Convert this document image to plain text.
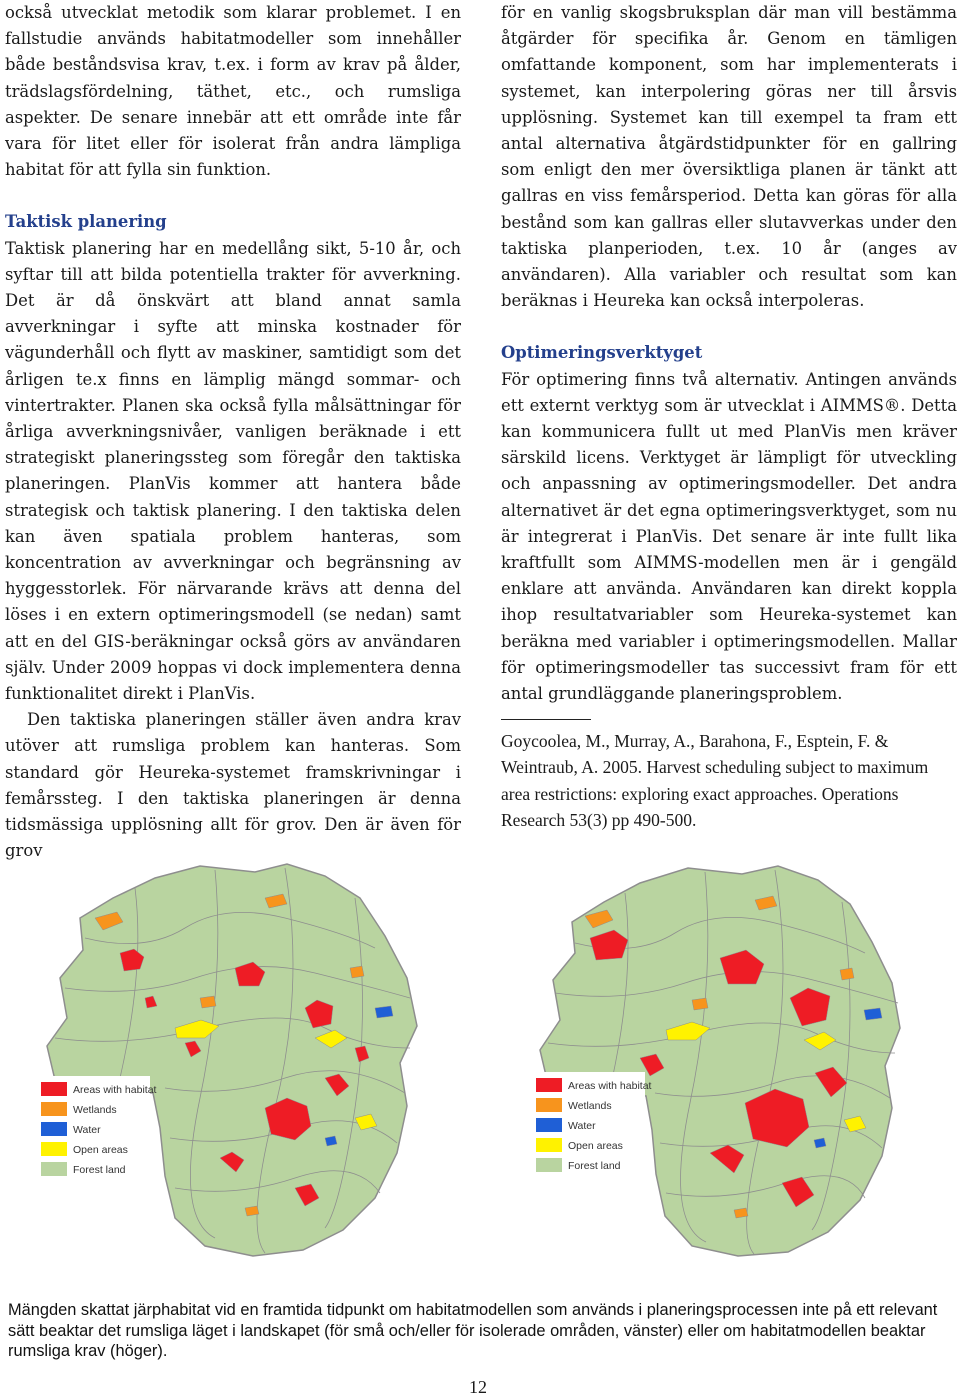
också utvecklat metodik som klarar problemet. I en fallstudie används habitatmodeller som innehåller både beståndsvisa krav, t.ex. i form av krav på ålder, trädslagsfördelning, täthet, etc., och rumsliga aspekter. De senare innebär att ett område inte får vara för litet eller för isolerat från andra lämpliga habitat för att fylla sin funktion.

Taktisk planering

Taktisk planering har en medellång sikt, 5-10 år, och syftar till att bilda potentiella trakter för avverkning. Det är då önskvärt att bland annat samla avverkningar i syfte att minska kostnader för vägunderhåll och flytt av maskiner, samtidigt som det årligen te.x finns en lämplig mängd sommar- och vintertrakter. Planen ska också fylla målsättningar för årliga avverkningsnivåer, vanligen beräknade i ett strategiskt planeringssteg som föregår den taktiska planeringen. PlanVis kommer att hantera både strategisk och taktisk planering. I den taktiska delen kan även spatiala problem hanteras, som koncentration av avverkningar och begränsning av hyggesstorlek. För närvarande krävs att denna del löses i en extern optimeringsmodell (se nedan) samt att en del GIS-beräkningar också görs av användaren själv. Under 2009 hoppas vi dock implementera denna funktionalitet direkt i PlanVis.

Den taktiska planeringen ställer även andra krav utöver att rumsliga problem kan hanteras. Som standard gör Heureka-systemet framskrivningar i femårssteg. I den taktiska planeringen är denna tidsmässiga upplösning allt för grov. Den är även för grov

för en vanlig skogsbruksplan där man vill bestämma åtgärder för specifika år. Genom en tämligen omfattande komponent, som har implementerats i systemet, kan interpolering göras ner till årsvis upplösning. Systemet kan till exempel ta fram ett antal alternativa åtgärdstidpunkter för en gallring som enligt den mer översiktliga planen är tänkt att gallras en viss femårsperiod. Detta kan göras för alla bestånd som kan gallras eller slutavverkas under den taktiska planperioden, t.ex. 10 år (anges av användaren). Alla variabler och resultat som kan beräknas i Heureka kan också interpoleras.

Optimeringsverktyget

För optimering finns två alternativ. Antingen används ett externt verktyg som är utvecklat i AIMMS®. Detta kan kommunicera fullt ut med PlanVis men kräver särskild licens. Verktyget är lämpligt för utveckling och anpassning av optimeringsmodeller. Det andra alternativet är det egna optimeringsverktyget, som nu är integrerat i PlanVis. Det senare är inte fullt lika kraftfullt som AIMMS-modellen men är i gengäld enklare att använda. Användaren kan direkt koppla ihop resultatvariabler som Heureka-systemet kan beräkna med variabler i optimeringsmodellen. Mallar för optimeringsmodeller tas successivt fram för ett antal grundläggande planeringsproblem.

Goycoolea, M., Murray, A., Barahona, F., Esptein, F. & Weintraub, A. 2005. Harvest scheduling subject to maximum area restrictions: exploring exact approaches. Operations Research 53(3) pp 490-500.

Areas with habitat
Wetlands
Water
Open areas
Forest land
Areas with habitat
Wetlands
Water
Open areas
Forest land
Mängden skattat järphabitat vid en framtida tidpunkt om habitatmodellen som används i planeringsprocessen inte på ett relevant sätt beaktar det rumsliga läget i landskapet (för små och/eller för isolerade områden, vänster) eller om habitatmodellen beaktar rumsliga krav (höger).
12
